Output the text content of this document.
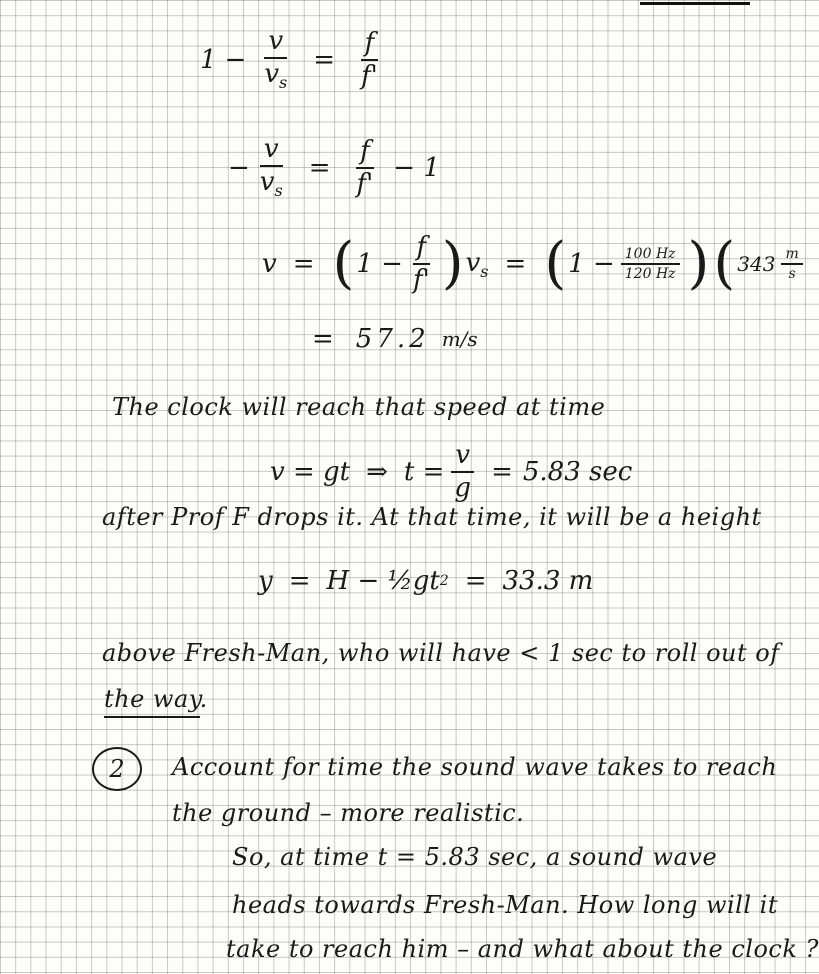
$1 - \frac{v}{v_s} = \frac{f}{f'}$
− $\frac{v}{v_s} = \frac{f}{f'} - 1$
v = ( $1 - \frac{f}{f'}$ ) $v_s$ = ( $1 - \frac{100 Hz}{120 Hz}$ ) ( $343 \frac{m}{s}$
= 57.2 m/s
The clock will reach that speed at time
v = gt ⇒ $t = \frac{v}{g} = 5.83$ sec
after Prof F drops it. At that time, it will be a height
y = H − ½gt 2 = 33.3 m
above Fresh-Man, who will have < 1 sec to roll out of
the way.
2 Account for time the sound wave takes to reach
the ground – more realistic.
So, at time t = 5.83 sec, a sound wave
heads towards Fresh-Man. How long will it
take to reach him – and what about the clock ?
